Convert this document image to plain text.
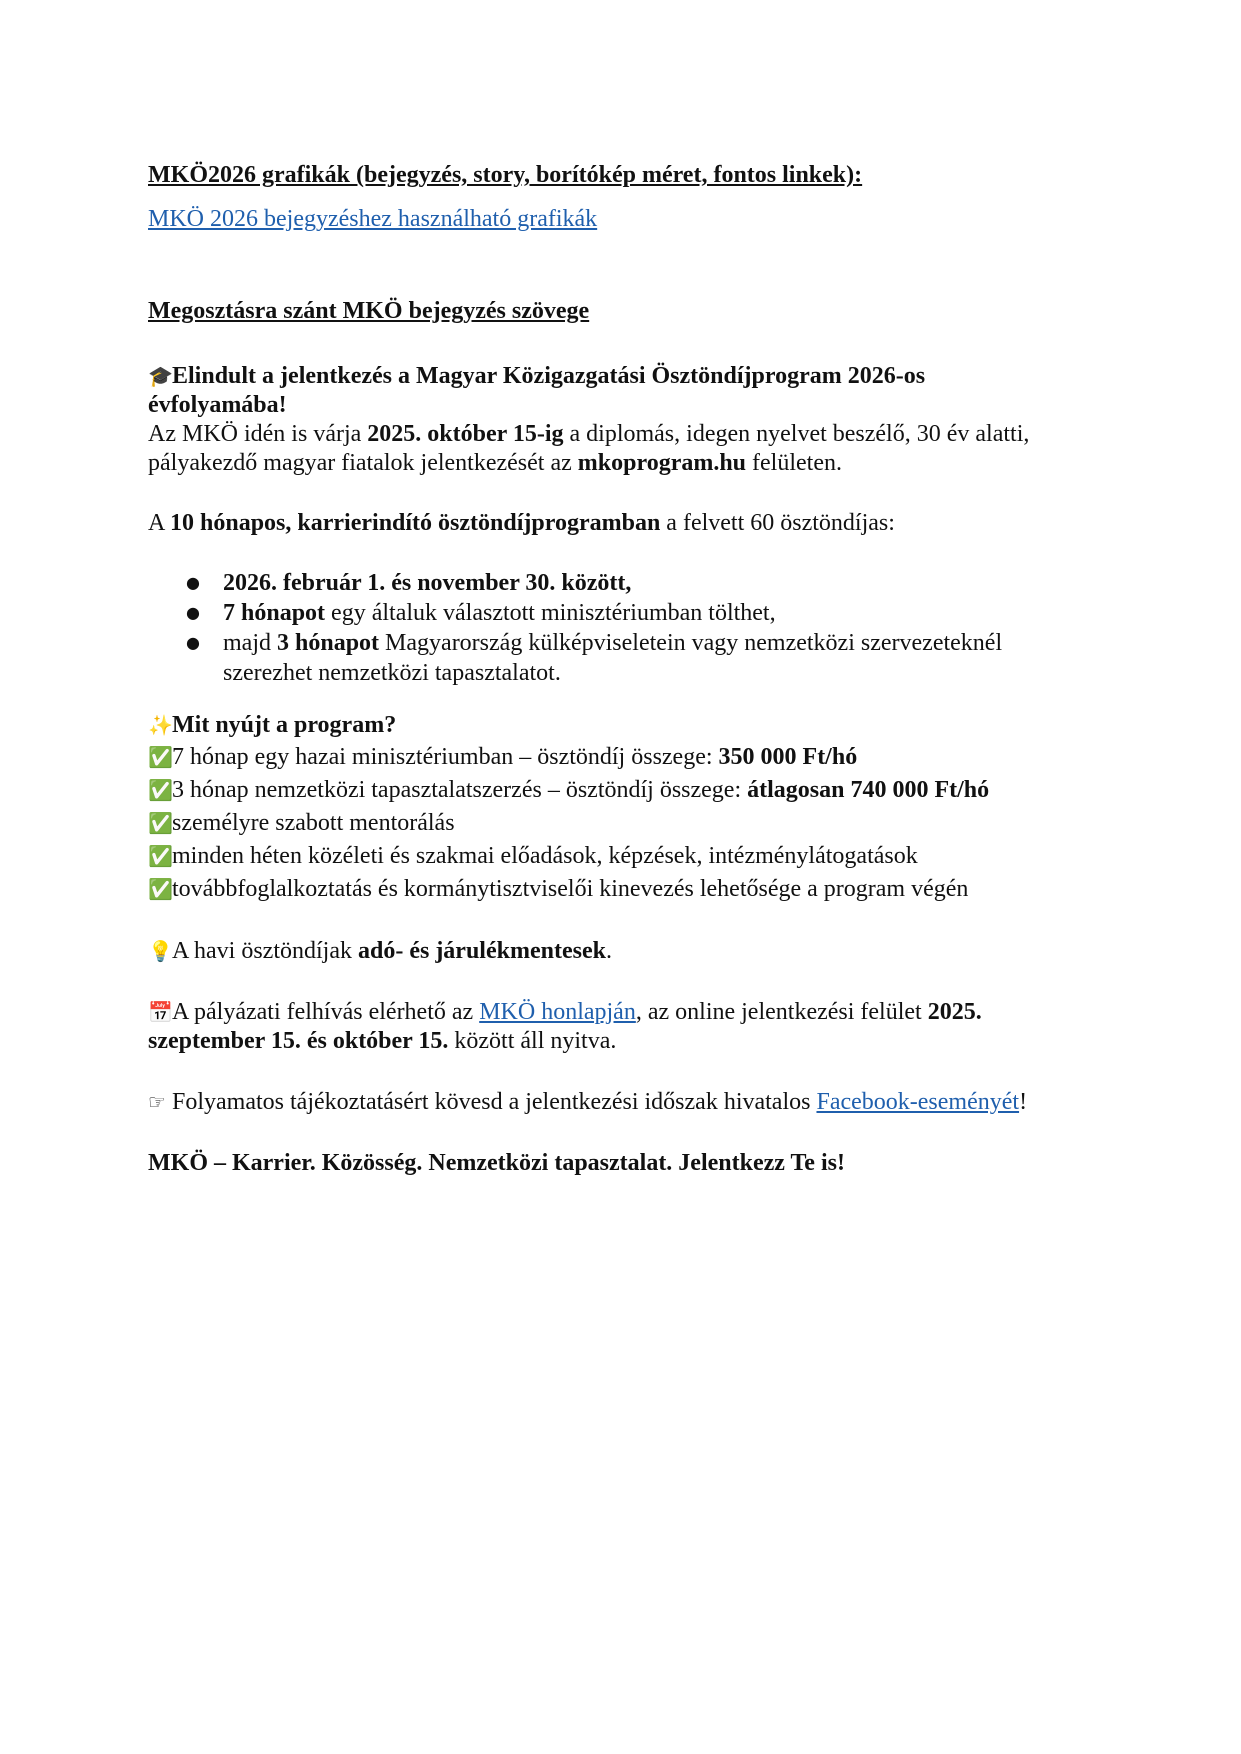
MKÖ2026 grafikák (bejegyzés, story, borítókép méret, fontos linkek):
MKÖ 2026 bejegyzéshez használható grafikák
Megosztásra szánt MKÖ bejegyzés szövege
🎓Elindult a jelentkezés a Magyar Közigazgatási Ösztöndíjprogram 2026-os
évfolyamába!
Az MKÖ idén is várja 2025. október 15-ig a diplomás, idegen nyelvet beszélő, 30 év alatti,
pályakezdő magyar fiatalok jelentkezését az mkoprogram.hu felületen.
A 10 hónapos, karrierindító ösztöndíjprogramban a felvett 60 ösztöndíjas:
● 2026. február 1. és november 30. között,
● 7 hónapot egy általuk választott minisztériumban tölthet,
● majd 3 hónapot Magyarország külképviseletein vagy nemzetközi szervezeteknél
szerezhet nemzetközi tapasztalatot.
✨Mit nyújt a program?
✅7 hónap egy hazai minisztériumban – ösztöndíj összege: 350 000 Ft/hó
✅3 hónap nemzetközi tapasztalatszerzés – ösztöndíj összege: átlagosan 740 000 Ft/hó
✅személyre szabott mentorálás
✅minden héten közéleti és szakmai előadások, képzések, intézménylátogatások
✅továbbfoglalkoztatás és kormánytisztviselői kinevezés lehetősége a program végén
💡A havi ösztöndíjak adó- és járulékmentesek.
📅A pályázati felhívás elérhető az MKÖ honlapján, az online jelentkezési felület 2025.
szeptember 15. és október 15. között áll nyitva.
☞ Folyamatos tájékoztatásért kövesd a jelentkezési időszak hivatalos Facebook-eseményét!
MKÖ – Karrier. Közösség. Nemzetközi tapasztalat. Jelentkezz Te is!
